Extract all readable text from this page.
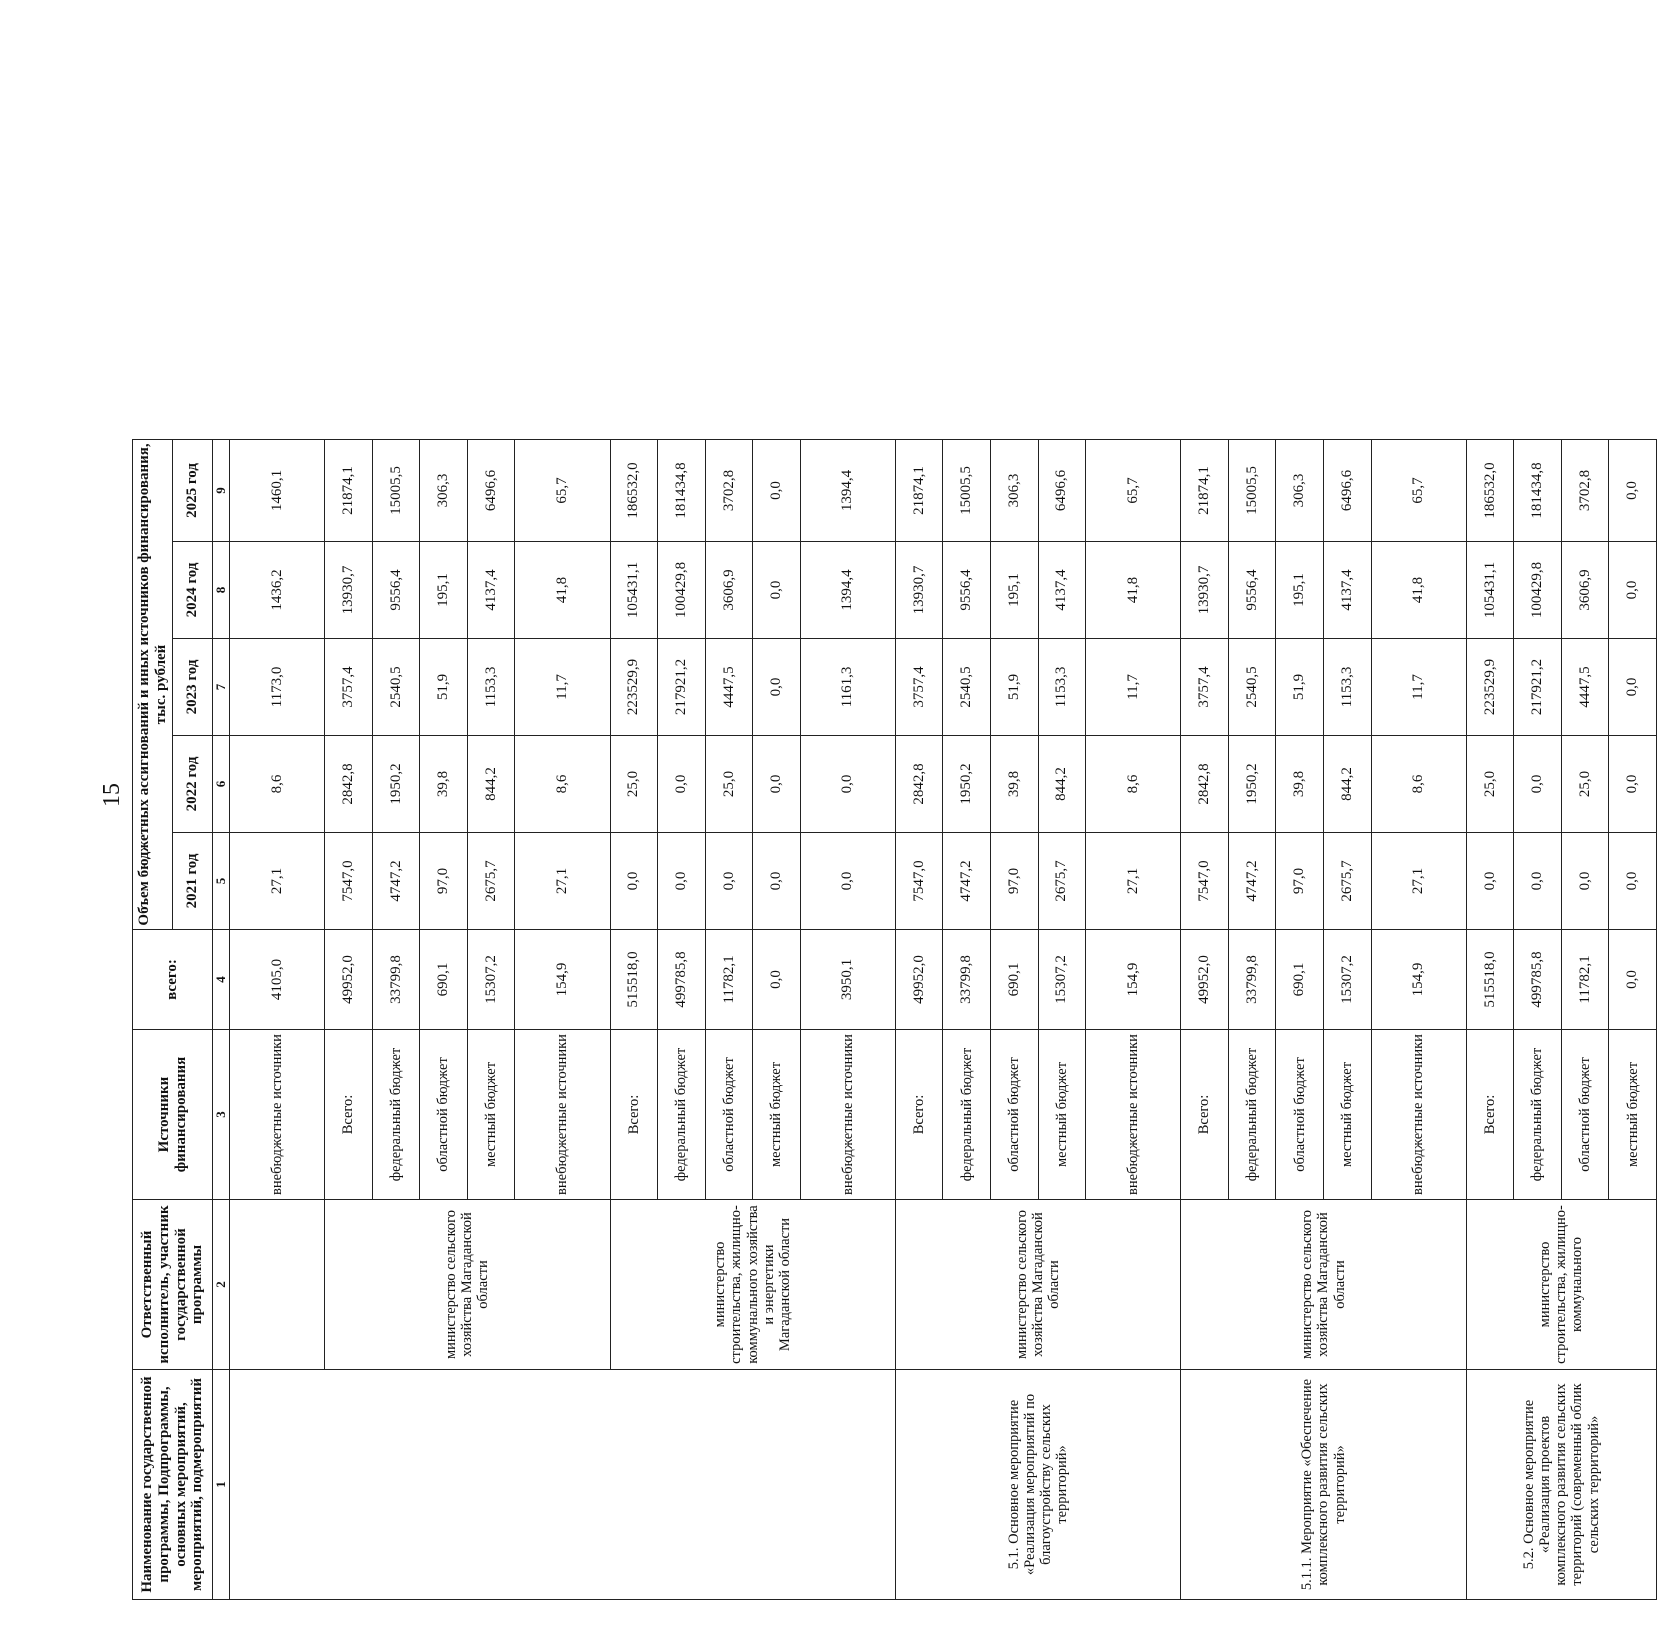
15
Наименование государственной программы, Подпрограммы, основных мероприятий, мероприятий, подмероприятий	Ответственный исполнитель, участник государственной программы	Источники финансирования	всего:	Объем бюджетных ассигнований и иных источников финансирования, тыс. рублей				
				2021 год	2022 год	2023 год	2024 год	2025 год
1	2	3	4	5	6	7	8	9
		внебюджетные источники	4105,0	27,1	8,6	1173,0	1436,2	1460,1
	министерство сельского хозяйства Магаданской области	Всего:	49952,0	7547,0	2842,8	3757,4	13930,7	21874,1
		федеральный бюджет	33799,8	4747,2	1950,2	2540,5	9556,4	15005,5
		областной бюджет	690,1	97,0	39,8	51,9	195,1	306,3
		местный бюджет	15307,2	2675,7	844,2	1153,3	4137,4	6496,6
		внебюджетные источники	154,9	27,1	8,6	11,7	41,8	65,7
	министерство строительства, жилищно-коммунального хозяйства и энергетики Магаданской области	Всего:	515518,0	0,0	25,0	223529,9	105431,1	186532,0
		федеральный бюджет	499785,8	0,0	0,0	217921,2	100429,8	181434,8
		областной бюджет	11782,1	0,0	25,0	4447,5	3606,9	3702,8
		местный бюджет	0,0	0,0	0,0	0,0	0,0	0,0
		внебюджетные источники	3950,1	0,0	0,0	1161,3	1394,4	1394,4
5.1. Основное мероприятие «Реализация мероприятий по благоустройству сельских территорий»	министерство сельского хозяйства Магаданской области	Всего:	49952,0	7547,0	2842,8	3757,4	13930,7	21874,1
		федеральный бюджет	33799,8	4747,2	1950,2	2540,5	9556,4	15005,5
		областной бюджет	690,1	97,0	39,8	51,9	195,1	306,3
		местный бюджет	15307,2	2675,7	844,2	1153,3	4137,4	6496,6
		внебюджетные источники	154,9	27,1	8,6	11,7	41,8	65,7
5.1.1. Мероприятие «Обеспечение комплексного развития сельских территорий»	министерство сельского хозяйства Магаданской области	Всего:	49952,0	7547,0	2842,8	3757,4	13930,7	21874,1
		федеральный бюджет	33799,8	4747,2	1950,2	2540,5	9556,4	15005,5
		областной бюджет	690,1	97,0	39,8	51,9	195,1	306,3
		местный бюджет	15307,2	2675,7	844,2	1153,3	4137,4	6496,6
		внебюджетные источники	154,9	27,1	8,6	11,7	41,8	65,7
5.2. Основное мероприятие «Реализация проектов комплексного развития сельских территорий (современный облик сельских территорий»	министерство строительства, жилищно-коммунального	Всего:	515518,0	0,0	25,0	223529,9	105431,1	186532,0
		федеральный бюджет	499785,8	0,0	0,0	217921,2	100429,8	181434,8
		областной бюджет	11782,1	0,0	25,0	4447,5	3606,9	3702,8
		местный бюджет	0,0	0,0	0,0	0,0	0,0	0,0
